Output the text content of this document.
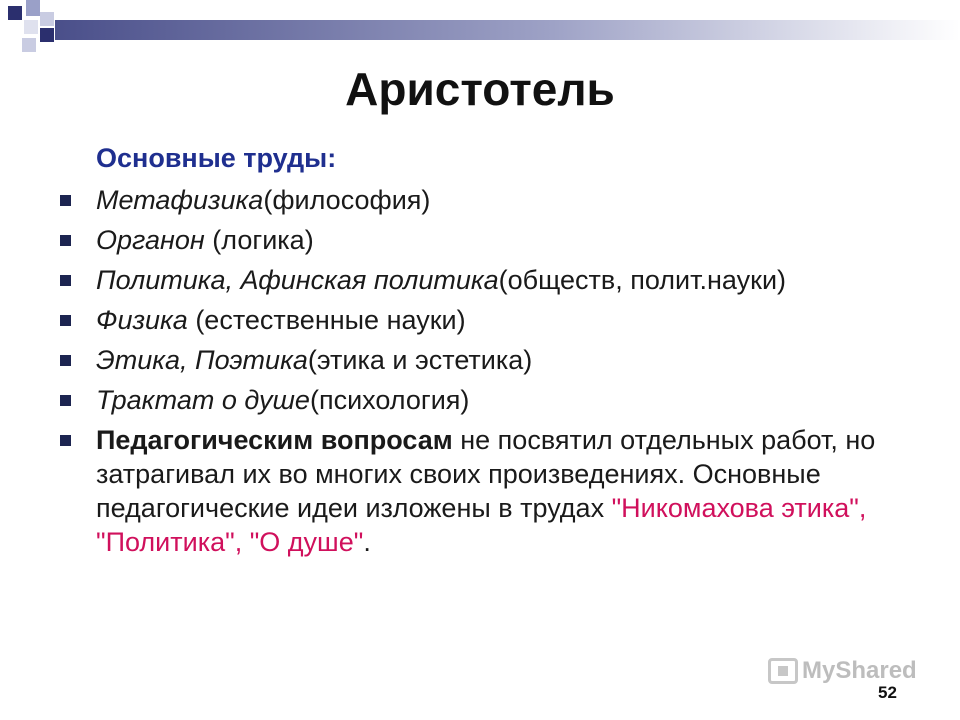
Аристотель
Основные труды:
Метафизика(философия)
Органон (логика)
Политика, Афинская политика(обществ, полит.науки)
Физика (естественные науки)
Этика, Поэтика(этика и эстетика)
Трактат о душе(психология)
Педагогическим вопросам не посвятил отдельных работ, но затрагивал их во многих своих произведениях. Основные педагогические идеи изложены в трудах "Никомахова этика", "Политика", "О душе".
MyShared
52
